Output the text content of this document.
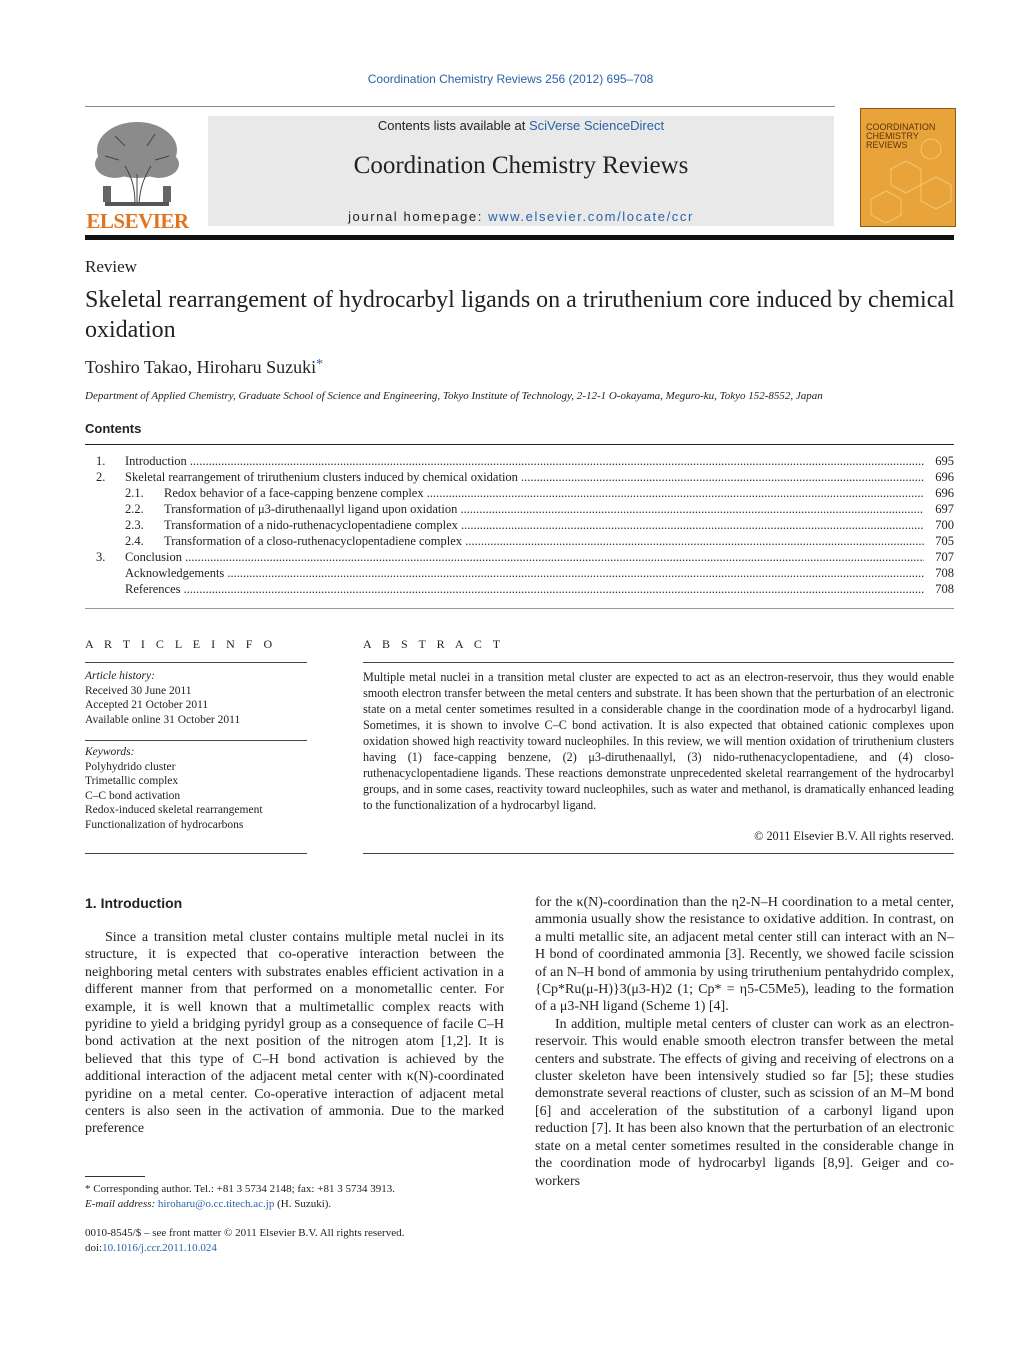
Coordination Chemistry Reviews 256 (2012) 695–708
ELSEVIER
Contents lists available at SciVerse ScienceDirect
Coordination Chemistry Reviews
journal homepage: www.elsevier.com/locate/ccr
COORDINATION CHEMISTRY REVIEWS
Review
Skeletal rearrangement of hydrocarbyl ligands on a triruthenium core induced by chemical oxidation
Toshiro Takao, Hiroharu Suzuki*
Department of Applied Chemistry, Graduate School of Science and Engineering, Tokyo Institute of Technology, 2-12-1 O-okayama, Meguro-ku, Tokyo 152-8552, Japan
Contents
1. Introduction .....	695
2. Skeletal rearrangement of triruthenium clusters induced by chemical oxidation .....	696
2.1. Redox behavior of a face-capping benzene complex .....	696
2.2. Transformation of μ3-diruthenaallyl ligand upon oxidation .....	697
2.3. Transformation of a nido-ruthenacyclopentadiene complex .....	700
2.4. Transformation of a closo-ruthenacyclopentadiene complex .....	705
3. Conclusion .....	707
Acknowledgements .....	708
References .....	708
A R T I C L E I N F O	A B S T R A C T
Article history:
Received 30 June 2011
Accepted 21 October 2011
Available online 31 October 2011
Keywords:
Polyhydrido cluster
Trimetallic complex
C–C bond activation
Redox-induced skeletal rearrangement
Functionalization of hydrocarbons
Multiple metal nuclei in a transition metal cluster are expected to act as an electron-reservoir, thus they would enable smooth electron transfer between the metal centers and substrate. It has been shown that the perturbation of an electronic state on a metal center sometimes resulted in a considerable change in the coordination mode of a hydrocarbyl ligand. Sometimes, it is shown to involve C–C bond activation. It is also expected that obtained cationic complexes upon oxidation showed high reactivity toward nucleophiles. In this review, we will mention oxidation of triruthenium clusters having (1) face-capping benzene, (2) μ3-diruthenaallyl, (3) nido-ruthenacyclopentadiene, and (4) closo-ruthenacyclopentadiene ligands. These reactions demonstrate unprecedented skeletal rearrangement of the hydrocarbyl groups, and in some cases, reactivity toward nucleophiles, such as water and methanol, is dramatically enhanced leading to the functionalization of a hydrocarbyl ligand.
© 2011 Elsevier B.V. All rights reserved.
1. Introduction

Since a transition metal cluster contains multiple metal nuclei in its structure, it is expected that co-operative interaction between the neighboring metal centers with substrates enables efficient activation in a different manner from that performed on a monometallic center. For example, it is well known that a multimetallic complex reacts with pyridine to yield a bridging pyridyl group as a consequence of facile C–H bond activation at the next position of the nitrogen atom [1,2]. It is believed that this type of C–H bond activation is achieved by the additional interaction of the adjacent metal center with κ(N)-coordinated pyridine on a metal center. Co-operative interaction of adjacent metal centers is also seen in the activation of ammonia. Due to the marked preference

for the κ(N)-coordination than the η2-N–H coordination to a metal center, ammonia usually show the resistance to oxidative addition. In contrast, on a multi metallic site, an adjacent metal center still can interact with an N–H bond of coordinated ammonia [3]. Recently, we showed facile scission of an N–H bond of ammonia by using triruthenium pentahydrido complex, {Cp*Ru(μ-H)}3(μ3-H)2 (1; Cp* = η5-C5Me5), leading to the formation of a μ3-NH ligand (Scheme 1) [4].

In addition, multiple metal centers of cluster can work as an electron-reservoir. This would enable smooth electron transfer between the metal centers and substrate. The effects of giving and receiving of electrons on a cluster skeleton have been intensively studied so far [5]; these studies demonstrate several reactions of cluster, such as scission of an M–M bond [6] and acceleration of the substitution of a carbonyl ligand upon reduction [7]. It has been also known that the perturbation of an electronic state on a metal center sometimes resulted in the considerable change in the coordination mode of hydrocarbyl ligands [8,9]. Geiger and co-workers

* Corresponding author. Tel.: +81 3 5734 2148; fax: +81 3 5734 3913.
E-mail address: hiroharu@o.cc.titech.ac.jp (H. Suzuki).
0010-8545/$ – see front matter © 2011 Elsevier B.V. All rights reserved.
doi:10.1016/j.ccr.2011.10.024
